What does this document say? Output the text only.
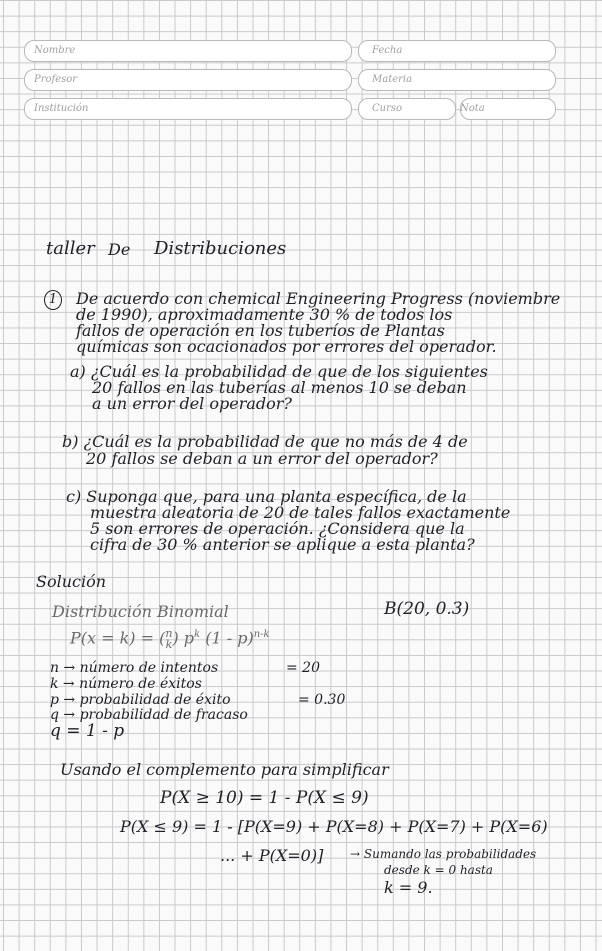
Nombre	Fecha
Profesor	Materia
Institución	Curso	Nota
taller De Distribuciones
1	De acuerdo con chemical Engineering Progress (noviembre
de 1990), aproximadamente 30 % de todos los
fallos de operación en los tuberíos de Plantas
químicas son ocacionados por errores del operador.
a) ¿Cuál es la probabilidad de que de los siguientes
20 fallos en las tuberías al menos 10 se deban
a un error del operador?
b) ¿Cuál es la probabilidad de que no más de 4 de
20 fallos se deban a un error del operador?
c) Suponga que, para una planta específica, de la
muestra aleatoria de 20 de tales fallos exactamente
5 son errores de operación. ¿Considera que la
cifra de 30 % anterior se aplique a esta planta?
Solución
Distribución Binomial	B(20, 0.3)
P(x = k) = ( n
k ) $p^k$ (1 - p)$^{n-k}$
n → número de intentos	= 20
k → número de éxitos
p → probabilidad de éxito	= 0.30
q → probabilidad de fracaso
q = 1 - p
Usando el complemento para simplificar
P(X ≥ 10) = 1 - P(X ≤ 9)
P(X ≤ 9) = 1 - [P(X=9) + P(X=8) + P(X=7) + P(X=6)
... + P(X=0)] → Sumando las probabilidades
desde k = 0 hasta
k = 9.
